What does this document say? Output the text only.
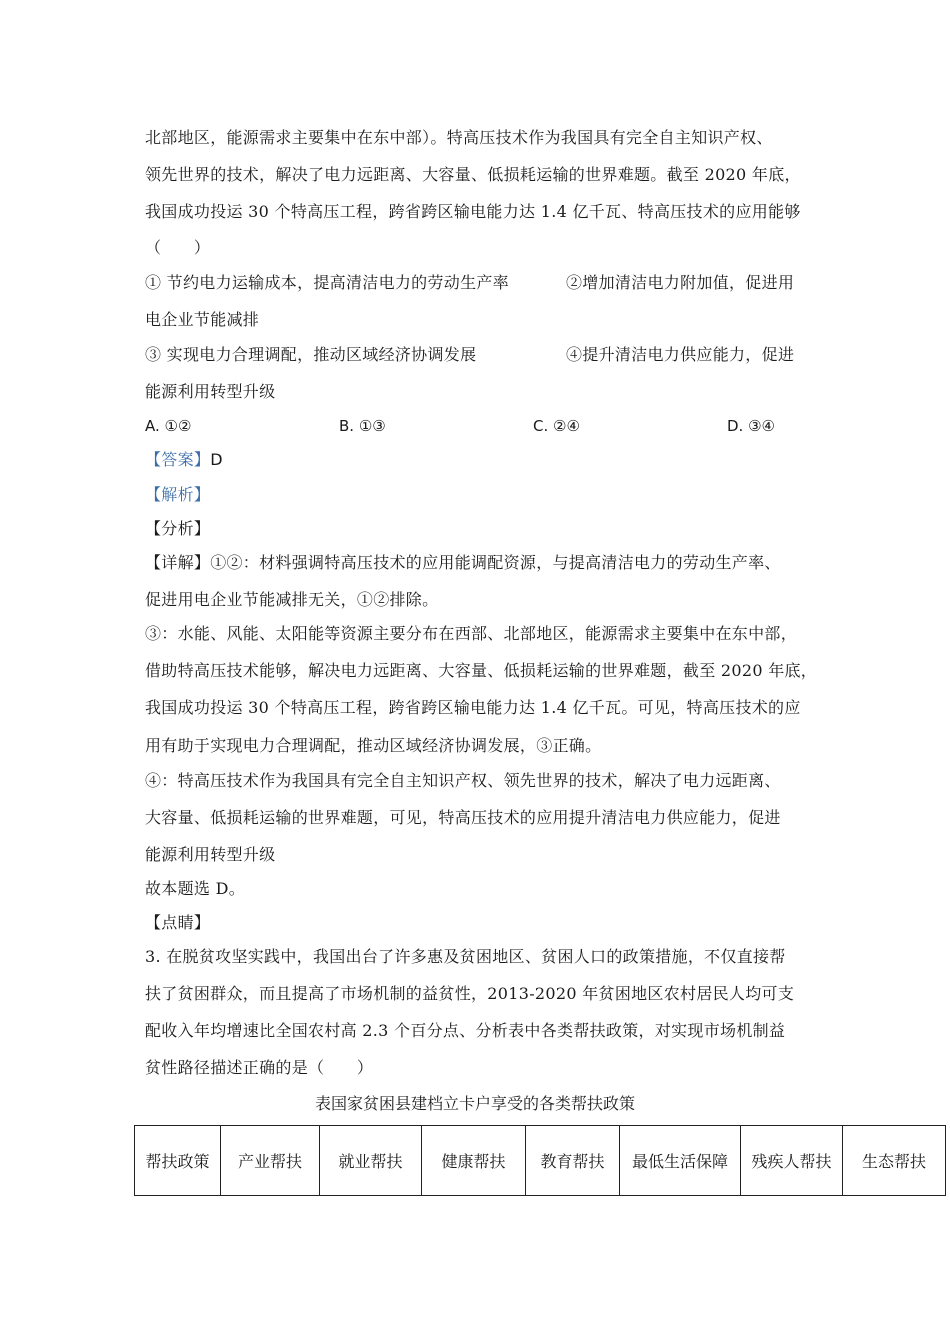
北部地区，能源需求主要集中在东中部）。特高压技术作为我国具有完全自主知识产权、
领先世界的技术，解决了电力远距离、大容量、低损耗运输的世界难题。截至 2020 年底，
我国成功投运 30 个特高压工程，跨省跨区输电能力达 1.4 亿千瓦、特高压技术的应用能够
（　　）
① 节约电力运输成本，提高清洁电力的劳动生产率	②增加清洁电力附加值，促进用
电企业节能减排
③ 实现电力合理调配，推动区域经济协调发展	④提升清洁电力供应能力，促进
能源利用转型升级
A. ①②	B. ①③	C. ②④	D. ③④
【答案】D
【解析】
【分析】
【详解】①②：材料强调特高压技术的应用能调配资源，与提高清洁电力的劳动生产率、
促进用电企业节能减排无关，①②排除。
③：水能、风能、太阳能等资源主要分布在西部、北部地区，能源需求主要集中在东中部，
借助特高压技术能够，解决电力远距离、大容量、低损耗运输的世界难题，截至 2020 年底，
我国成功投运 30 个特高压工程，跨省跨区输电能力达 1.4 亿千瓦。可见，特高压技术的应
用有助于实现电力合理调配，推动区域经济协调发展，③正确。
④：特高压技术作为我国具有完全自主知识产权、领先世界的技术，解决了电力远距离、
大容量、低损耗运输的世界难题，可见，特高压技术的应用提升清洁电力供应能力，促进
能源利用转型升级
故本题选 D。
【点睛】
3. 在脱贫攻坚实践中，我国出台了许多惠及贫困地区、贫困人口的政策措施，不仅直接帮
扶了贫困群众，而且提高了市场机制的益贫性，2013-2020 年贫困地区农村居民人均可支
配收入年均增速比全国农村高 2.3 个百分点、分析表中各类帮扶政策，对实现市场机制益
贫性路径描述正确的是（　　）
表国家贫困县建档立卡户享受的各类帮扶政策
帮扶政策	产业帮扶	就业帮扶	健康帮扶	教育帮扶	最低生活保障	残疾人帮扶	生态帮扶
